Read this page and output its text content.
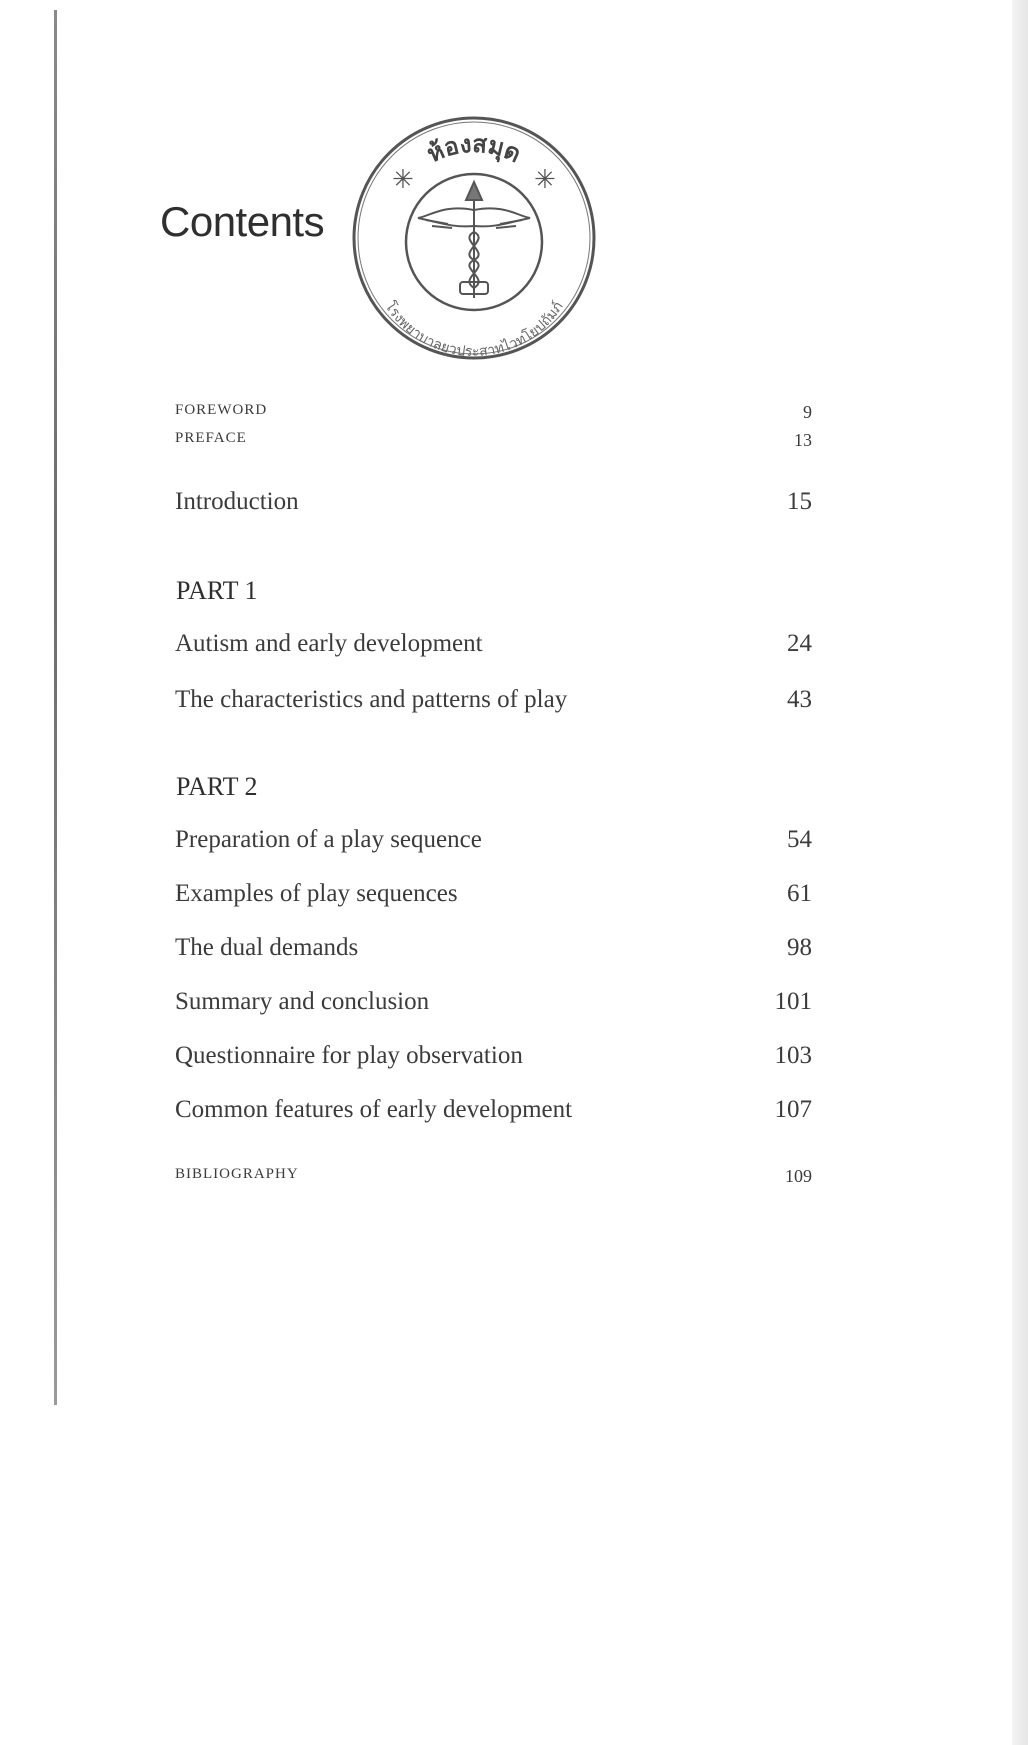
Contents
ห้องสมุด
โรงพยาบาลยุวประสาทไวทโยปถัมภ์
✳	✳
FOREWORD	9
PREFACE	13
Introduction	15
PART 1
Autism and early development	24
The characteristics and patterns of play	43
PART 2
Preparation of a play sequence	54
Examples of play sequences	61
The dual demands	98
Summary and conclusion	101
Questionnaire for play observation	103
Common features of early development	107
BIBLIOGRAPHY	109
